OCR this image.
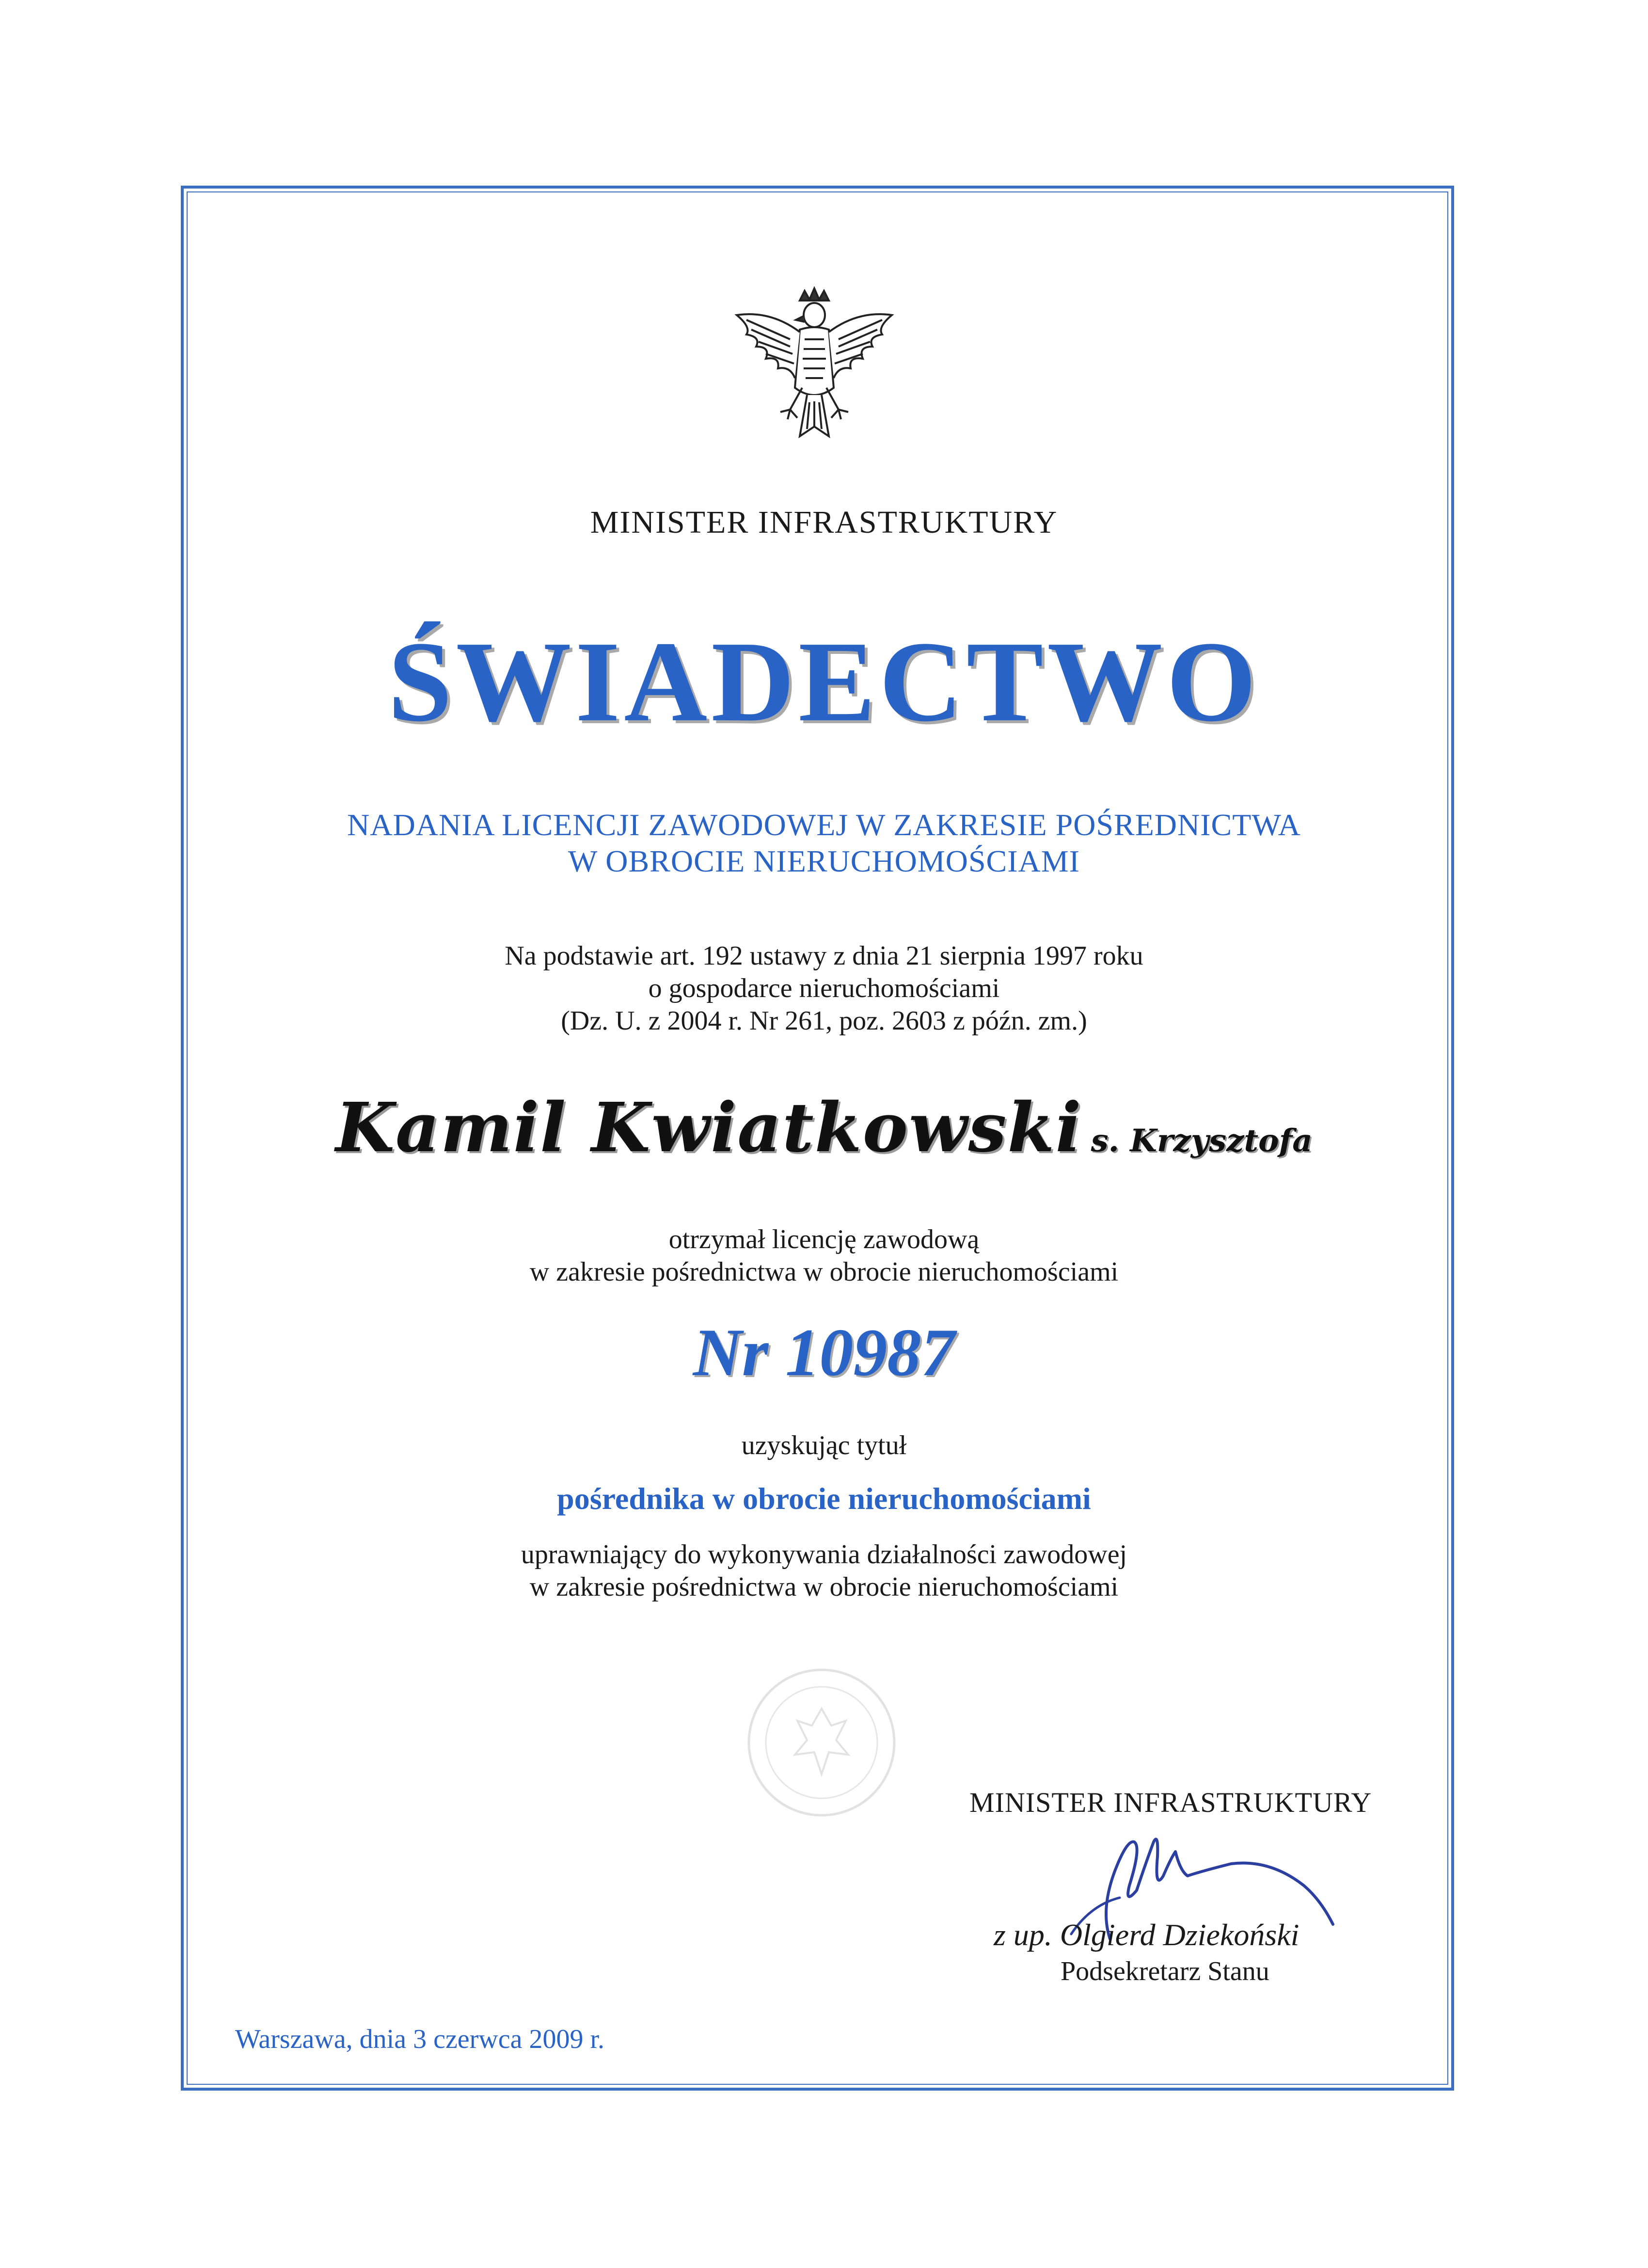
MINISTER INFRASTRUKTURY
ŚWIADECTWO
NADANIA LICENCJI ZAWODOWEJ W ZAKRESIE POŚREDNICTWA
W OBROCIE NIERUCHOMOŚCIAMI
Na podstawie art. 192 ustawy z dnia 21 sierpnia 1997 roku
o gospodarce nieruchomościami
(Dz. U. z 2004 r. Nr 261, poz. 2603 z późn. zm.)
Kamil Kwiatkowski s. Krzysztofa
otrzymał licencję zawodową
w zakresie pośrednictwa w obrocie nieruchomościami
Nr 10987
uzyskując tytuł
pośrednika w obrocie nieruchomościami
uprawniający do wykonywania działalności zawodowej
w zakresie pośrednictwa w obrocie nieruchomościami
MINISTER INFRASTRUKTURY
z up. Olgierd Dziekoński
Podsekretarz Stanu
Warszawa, dnia 3 czerwca 2009 r.
